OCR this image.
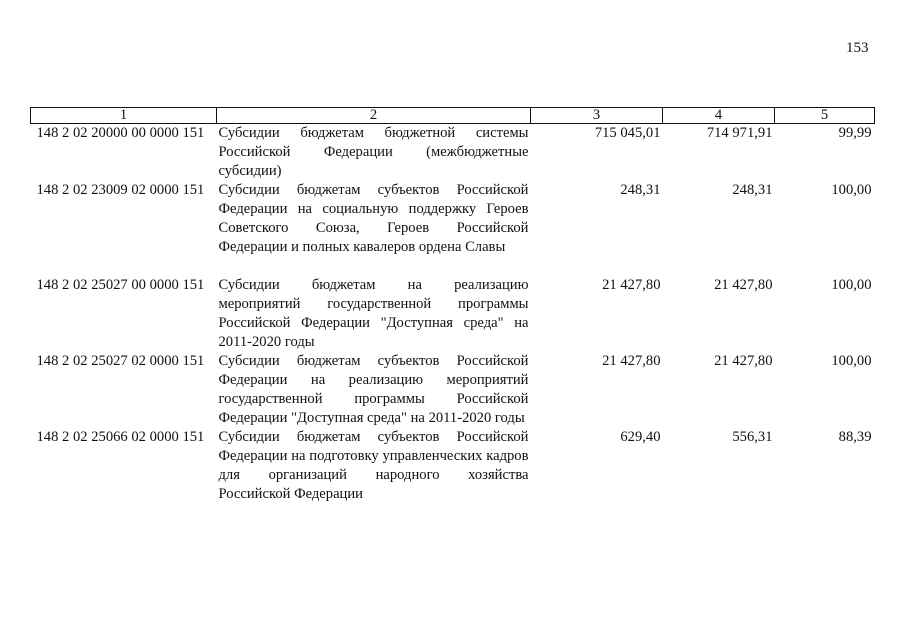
153
1	2	3	4	5
148 2 02 20000 00 0000 151	Субсидии бюджетам бюджетной системы Российской Федерации (межбюджетные субсидии)	715 045,01	714 971,91	99,99
148 2 02 23009 02 0000 151	Субсидии бюджетам субъектов Российской Федерации на социальную поддержку Героев Советского Союза, Героев Российской Федерации и полных кавалеров ордена Славы	248,31	248,31	100,00
148 2 02 25027 00 0000 151	Субсидии бюджетам на реализацию мероприятий государственной программы Российской Федерации "Доступная среда" на 2011-2020 годы	21 427,80	21 427,80	100,00
148 2 02 25027 02 0000 151	Субсидии бюджетам субъектов Российской Федерации на реализацию мероприятий государственной программы Российской Федерации "Доступная среда" на 2011-2020 годы	21 427,80	21 427,80	100,00
148 2 02 25066 02 0000 151	Субсидии бюджетам субъектов Российской Федерации на подготовку управленческих кадров для организаций народного хозяйства Российской Федерации	629,40	556,31	88,39
